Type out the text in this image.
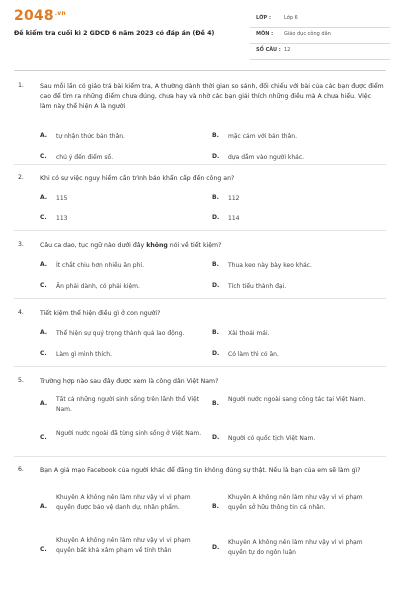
$2048^{.vn}$
Đề kiểm tra cuối kì 2 GDCD 6 năm 2023 có đáp án (Đề 4)
LỚP :	Lớp 6
MÔN : Giáo dục công dân
SỐ CÂU : 12
1.	Sau mỗi lần có giáo trả bài kiểm tra, A thường dành thời gian so sánh, đối chiếu với bài của các bạn được điểm cao để tìm ra những điểm chưa đúng, chưa hay và nhờ các bạn giải thích những điều mà A chưa hiểu. Việc làm này thể hiện A là người
A. tự nhận thức bản thân.	B. mặc cảm với bản thân.
C. chú ý đến điểm số.	D. dựa dẫm vào người khác.
2.	Khi có sự việc nguy hiểm cần trình báo khẩn cấp đến công an?
A. 115	B. 112
C. 113	D. 114
3.	Câu ca dao, tục ngữ nào dưới đây không nói về tiết kiệm?
A. Ít chắt chiu hơn nhiều ăn phí.	B. Thua keo này bày keo khác.
C. Ăn phải dành, có phải kiệm.	D. Tích tiểu thành đại.
4.	Tiết kiệm thể hiện điều gì ở con người?
A. Thể hiện sự quý trọng thành quả lao động.	B. Xài thoải mái.
C. Làm gì mình thích.	D. Có làm thì có ăn.
5.	Trường hợp nào sau đây được xem là công dân Việt Nam?
A.
Tất cả những người sinh sống trên lãnh thổ Việt Nam.
B.
Người nước ngoài sang công tác tại Việt Nam.
C.
Người nước ngoài đã từng sinh sống ở Việt Nam.
D. Người có quốc tịch Việt Nam.
6.	Bạn A giả mạo Facebook của người khác để đăng tin không đúng sự thật. Nếu là bạn của em sẽ làm gì?
A.
Khuyên A không nên làm như vậy vì vi phạm quyền được bảo vệ danh dự, nhân phẩm.	B.
Khuyên A không nên làm như vậy vì vi phạm quyền sở hữu thông tin cá nhân.
C.
Khuyên A không nên làm như vậy vì vi phạm quyền bất khả xâm phạm về tính thân	D.
Khuyên A không nên làm như vậy vì vi phạm quyền tự do ngôn luận
